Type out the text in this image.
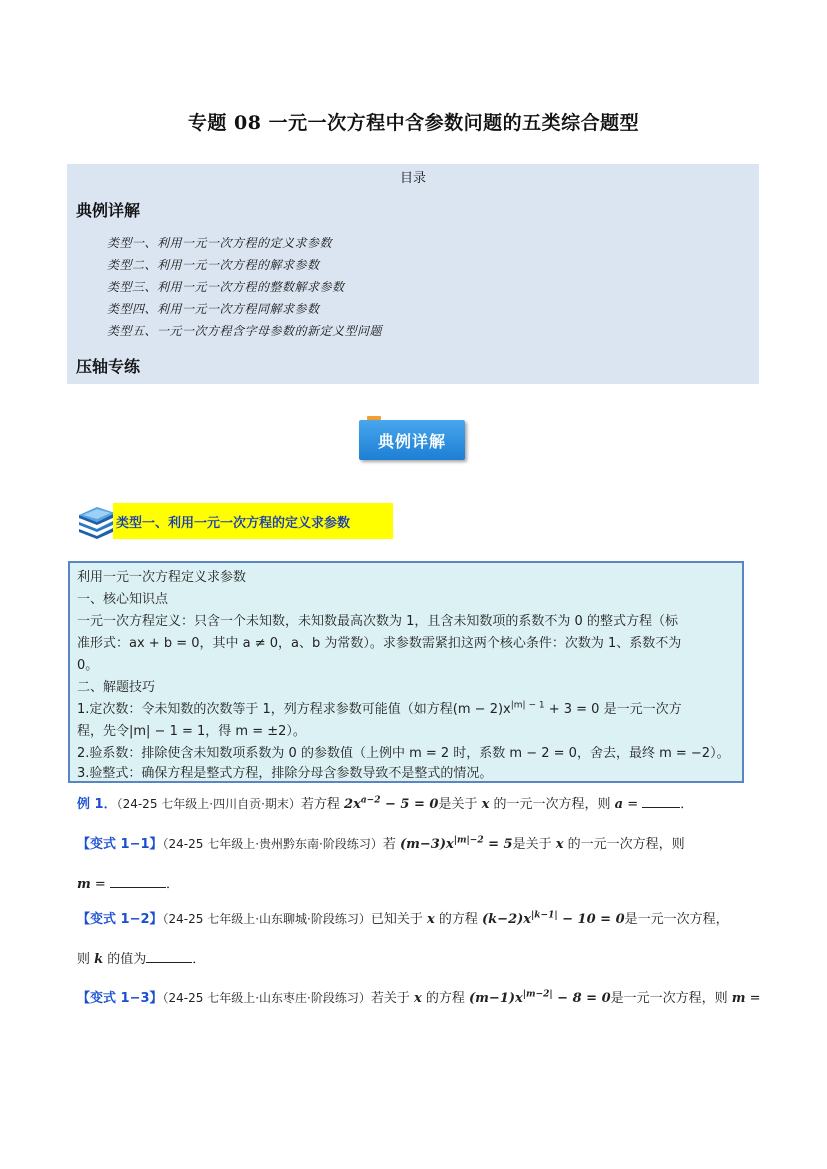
专题 08 一元一次方程中含参数问题的五类综合题型
目录
典例详解
类型一、利用一元一次方程的定义求参数
类型二、利用一元一次方程的解求参数
类型三、利用一元一次方程的整数解求参数
类型四、利用一元一次方程同解求参数
类型五、一元一次方程含字母参数的新定义型问题
压轴专练
典例详解
类型一、利用一元一次方程的定义求参数
利用一元一次方程定义求参数
一、核心知识点
一元一次方程定义：只含一个未知数，未知数最高次数为 1，且含未知数项的系数不为 0 的整式方程（标
准形式：ax + b = 0，其中 a ≠ 0，a、b 为常数）。求参数需紧扣这两个核心条件：次数为 1、系数不为
0。
二、解题技巧
1.定次数：令未知数的次数等于 1，列方程求参数可能值（如方程$(m - 2)x^{|m| - 1} + 3 = 0$ 是一元一次方
程，先令|m| − 1 = 1，得 m = ±2）。
2.验系数：排除使含未知数项系数为 0 的参数值（上例中 m = 2 时，系数 m − 2 = 0，舍去，最终 m = −2）。
3.验整式：确保方程是整式方程，排除分母含参数导致不是整式的情况。
例 1．（24-25 七年级上·四川自贡·期末）若方程 $2x^{a-2} - 5 = 0$是关于 x 的一元一次方程，则 a =	．
【变式 1−1】（24-25 七年级上·贵州黔东南·阶段练习）若 $(m-3)x^{|m|-2} = 5$是关于 x 的一元一次方程，则
m =	．
【变式 1−2】（24-25 七年级上·山东聊城·阶段练习）已知关于 x 的方程 $(k-2)x^{|k-1|} - 10 = 0$是一元一次方程，
则 k 的值为	．
【变式 1−3】（24-25 七年级上·山东枣庄·阶段练习）若关于 x 的方程 $(m-1)x^{|m-2|} - 8 = 0$是一元一次方程，则 m =
